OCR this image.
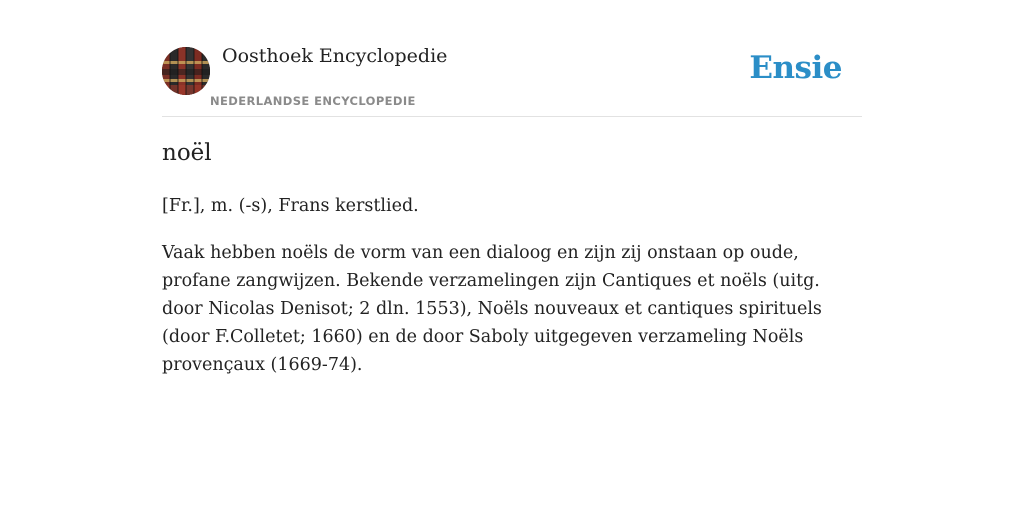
Oosthoek Encyclopedie
NEDERLANDSE ENCYCLOPEDIE
Ensie
noël

[Fr.], m. (-s), Frans kerstlied.

Vaak hebben noëls de vorm van een dialoog en zijn zij onstaan op oude, profane zangwijzen. Bekende verzamelingen zijn Cantiques et noëls (uitg. door Nicolas Denisot; 2 dln. 1553), Noëls nouveaux et cantiques spirituels (door F.Colletet; 1660) en de door Saboly uitgegeven verzameling Noëls provençaux (1669-74).
